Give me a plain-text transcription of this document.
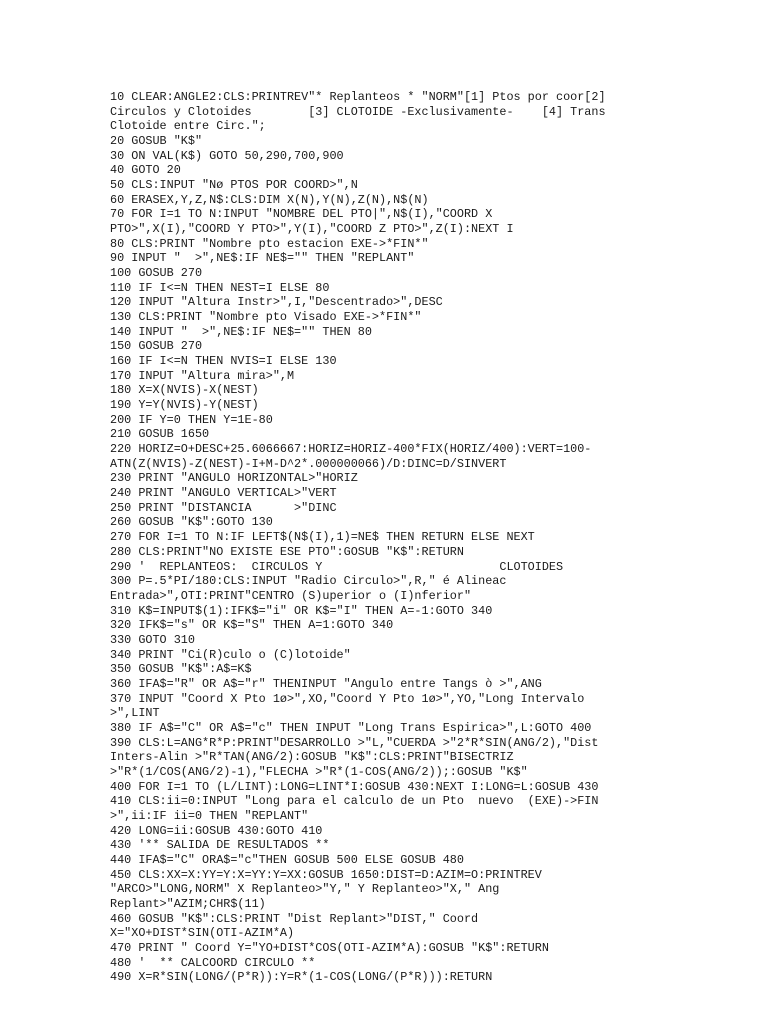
10 CLEAR:ANGLE2:CLS:PRINTREV"* Replanteos * "NORM"[1] Ptos por coor[2]
Circulos y Clotoides        [3] CLOTOIDE -Exclusivamente-    [4] Trans
Clotoide entre Circ.";
20 GOSUB "K$"
30 ON VAL(K$) GOTO 50,290,700,900
40 GOTO 20
50 CLS:INPUT "Nø PTOS POR COORD>",N
60 ERASEX,Y,Z,N$:CLS:DIM X(N),Y(N),Z(N),N$(N)
70 FOR I=1 TO N:INPUT "NOMBRE DEL PTO|",N$(I),"COORD X
PTO>",X(I),"COORD Y PTO>",Y(I),"COORD Z PTO>",Z(I):NEXT I
80 CLS:PRINT "Nombre pto estacion EXE->*FIN*"
90 INPUT "  >",NE$:IF NE$="" THEN "REPLANT"
100 GOSUB 270
110 IF I<=N THEN NEST=I ELSE 80
120 INPUT "Altura Instr>",I,"Descentrado>",DESC
130 CLS:PRINT "Nombre pto Visado EXE->*FIN*"
140 INPUT "  >",NE$:IF NE$="" THEN 80
150 GOSUB 270
160 IF I<=N THEN NVIS=I ELSE 130
170 INPUT "Altura mira>",M
180 X=X(NVIS)-X(NEST)
190 Y=Y(NVIS)-Y(NEST)
200 IF Y=0 THEN Y=1E-80
210 GOSUB 1650
220 HORIZ=O+DESC+25.6066667:HORIZ=HORIZ-400*FIX(HORIZ/400):VERT=100-
ATN(Z(NVIS)-Z(NEST)-I+M-D^2*.000000066)/D:DINC=D/SINVERT
230 PRINT "ANGULO HORIZONTAL>"HORIZ
240 PRINT "ANGULO VERTICAL>"VERT
250 PRINT "DISTANCIA      >"DINC
260 GOSUB "K$":GOTO 130
270 FOR I=1 TO N:IF LEFT$(N$(I),1)=NE$ THEN RETURN ELSE NEXT
280 CLS:PRINT"NO EXISTE ESE PTO":GOSUB "K$":RETURN
290 '  REPLANTEOS:  CIRCULOS Y                         CLOTOIDES
300 P=.5*PI/180:CLS:INPUT "Radio Circulo>",R," é Alineac
Entrada>",OTI:PRINT"CENTRO (S)uperior o (I)nferior"
310 K$=INPUT$(1):IFK$="i" OR K$="I" THEN A=-1:GOTO 340
320 IFK$="s" OR K$="S" THEN A=1:GOTO 340
330 GOTO 310
340 PRINT "Ci(R)culo o (C)lotoide"
350 GOSUB "K$":A$=K$
360 IFA$="R" OR A$="r" THENINPUT "Angulo entre Tangs ò >",ANG
370 INPUT "Coord X Pto 1ø>",XO,"Coord Y Pto 1ø>",YO,"Long Intervalo
>",LINT
380 IF A$="C" OR A$="c" THEN INPUT "Long Trans Espirica>",L:GOTO 400
390 CLS:L=ANG*R*P:PRINT"DESARROLLO >"L,"CUERDA >"2*R*SIN(ANG/2),"Dist
Inters-Alin >"R*TAN(ANG/2):GOSUB "K$":CLS:PRINT"BISECTRIZ
>"R*(1/COS(ANG/2)-1),"FLECHA >"R*(1-COS(ANG/2));:GOSUB "K$"
400 FOR I=1 TO (L/LINT):LONG=LINT*I:GOSUB 430:NEXT I:LONG=L:GOSUB 430
410 CLS:ii=0:INPUT "Long para el calculo de un Pto  nuevo  (EXE)->FIN
>",ii:IF ii=0 THEN "REPLANT"
420 LONG=ii:GOSUB 430:GOTO 410
430 '** SALIDA DE RESULTADOS **
440 IFA$="C" ORA$="c"THEN GOSUB 500 ELSE GOSUB 480
450 CLS:XX=X:YY=Y:X=YY:Y=XX:GOSUB 1650:DIST=D:AZIM=O:PRINTREV
"ARCO>"LONG,NORM" X Replanteo>"Y," Y Replanteo>"X," Ang
Replant>"AZIM;CHR$(11)
460 GOSUB "K$":CLS:PRINT "Dist Replant>"DIST," Coord
X="XO+DIST*SIN(OTI-AZIM*A)
470 PRINT " Coord Y="YO+DIST*COS(OTI-AZIM*A):GOSUB "K$":RETURN
480 '  ** CALCOORD CIRCULO **
490 X=R*SIN(LONG/(P*R)):Y=R*(1-COS(LONG/(P*R))):RETURN
